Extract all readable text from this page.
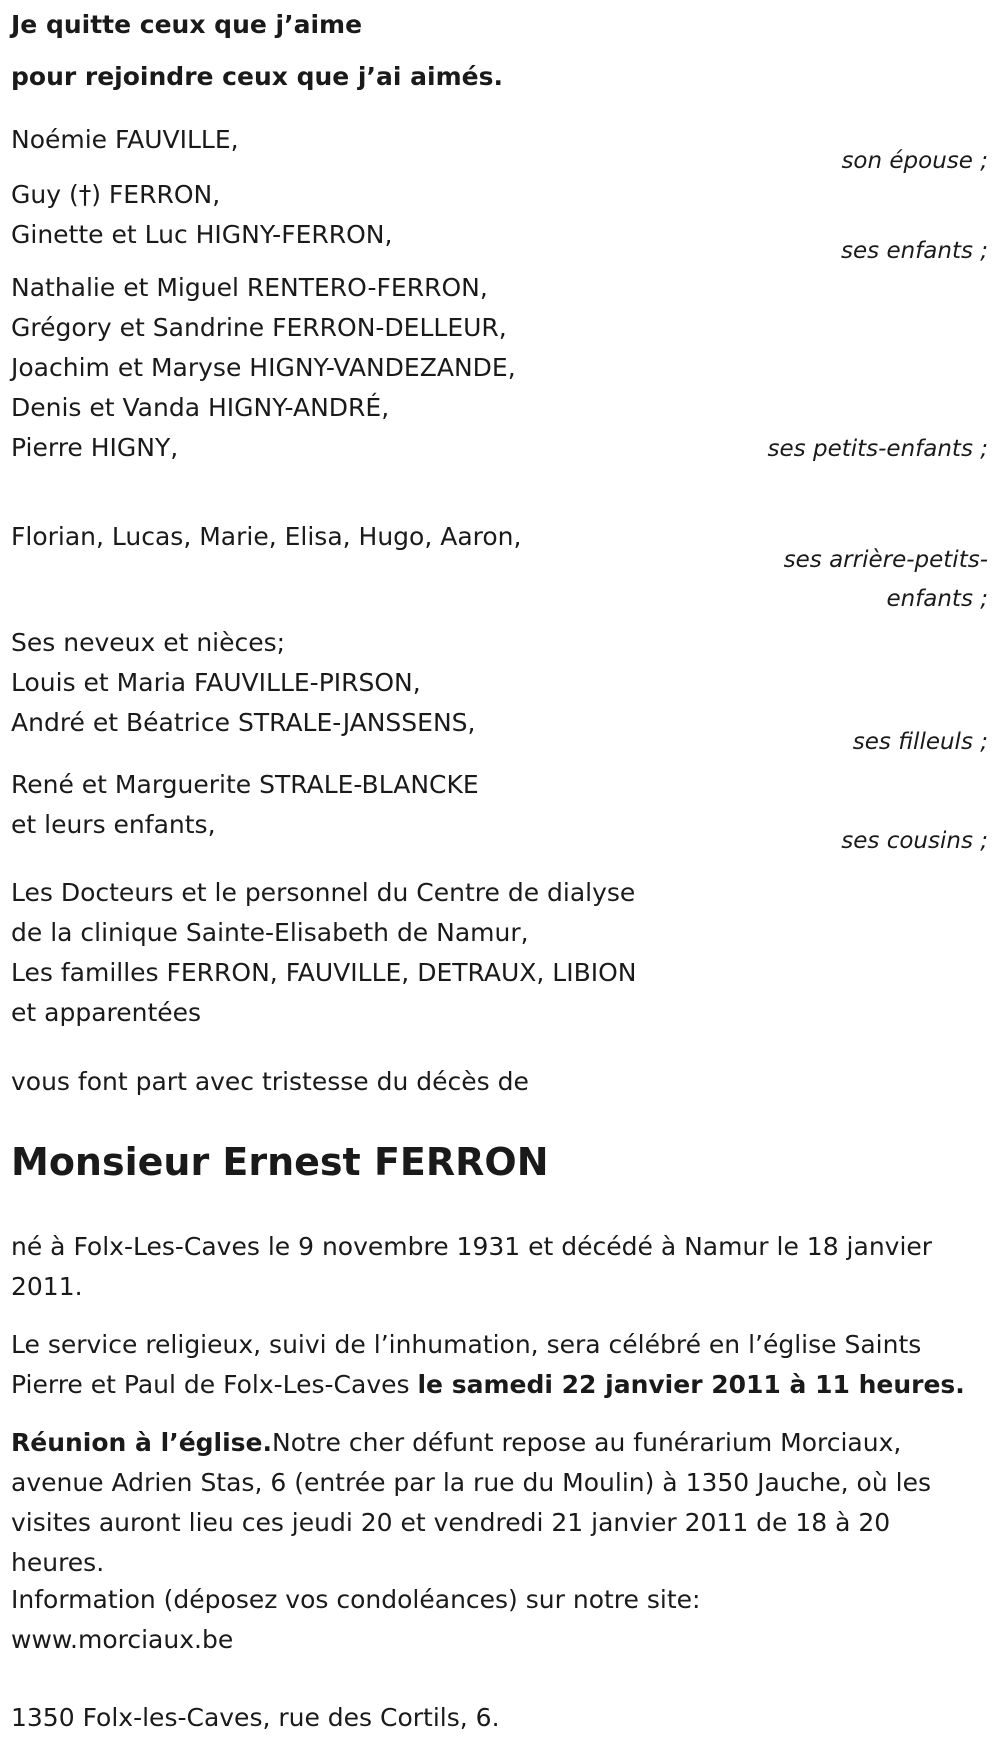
Je quitte ceux que j’aime
pour rejoindre ceux que j’ai aimés.

Noémie FAUVILLE,
son épouse ;
Guy (†) FERRON,
Ginette et Luc HIGNY-FERRON,
ses enfants ;
Nathalie et Miguel RENTERO-FERRON,
Grégory et Sandrine FERRON-DELLEUR,
Joachim et Maryse HIGNY-VANDEZANDE,
Denis et Vanda HIGNY-ANDRÉ,
Pierre HIGNY,	ses petits-enfants ;
Florian, Lucas, Marie, Elisa, Hugo, Aaron,
ses arrière-petits-
enfants ;
Ses neveux et nièces;
Louis et Maria FAUVILLE-PIRSON,
André et Béatrice STRALE-JANSSENS,
ses filleuls ;
René et Marguerite STRALE-BLANCKE
et leurs enfants,
ses cousins ;
Les Docteurs et le personnel du Centre de dialyse
de la clinique Sainte-Elisabeth de Namur,
Les familles FERRON, FAUVILLE, DETRAUX, LIBION
et apparentées
vous font part avec tristesse du décès de
Monsieur Ernest FERRON

né à Folx-Les-Caves le 9 novembre 1931 et décédé à Namur le 18 janvier 2011.

Le service religieux, suivi de l’inhumation, sera célébré en l’église Saints Pierre et Paul de Folx-Les-Caves le samedi 22 janvier 2011 à 11 heures.

Réunion à l’église.Notre cher défunt repose au funérarium Morciaux, avenue Adrien Stas, 6 (entrée par la rue du Moulin) à 1350 Jauche, où les visites auront lieu ces jeudi 20 et vendredi 21 janvier 2011 de 18 à 20 heures.

Information (déposez vos condoléances) sur notre site:
www.morciaux.be

1350 Folx-les-Caves, rue des Cortils, 6.
